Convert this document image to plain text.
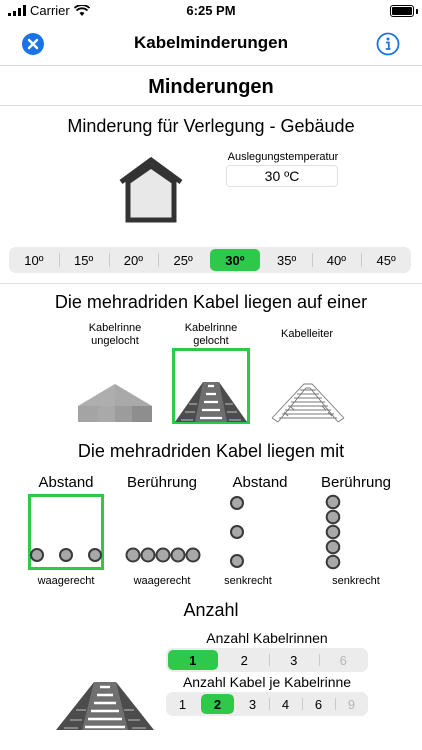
Carrier	6:25 PM
Kabelminderungen
Minderungen
Minderung für Verlegung - Gebäude
Auslegungstemperatur
30 ºC
10º	15º	20º	25º	30º	35º	40º	45º
Die mehradriden Kabel liegen auf einer
Kabelrinne
ungelocht
Kabelrinne
gelocht
Kabelleiter
Die mehradriden Kabel liegen mit
Abstand	Berührung	Abstand	Berührung
waagerecht	waagerecht	senkrecht	senkrecht
Anzahl
Anzahl Kabelrinnen
1	2	3	6
Anzahl Kabel je Kabelrinne
1	2	3	4	6	9
